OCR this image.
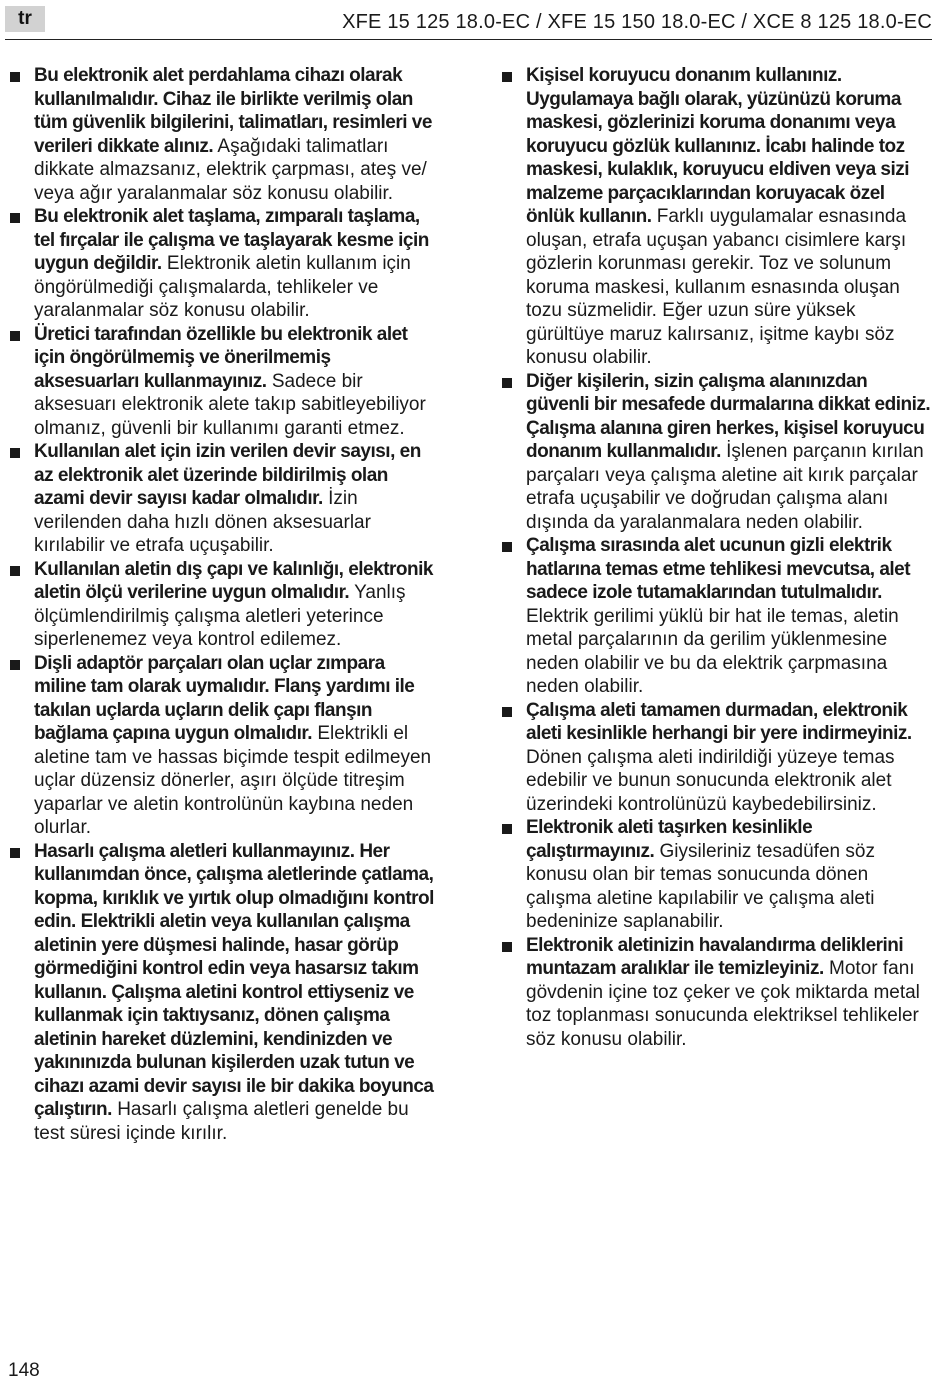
tr	XFE 15 125 18.0-EC / XFE 15 150 18.0-EC / XCE 8 125 18.0-EC
Bu elektronik alet perdahlama cihazı olarak kullanılmalıdır. Cihaz ile birlikte verilmiş olan tüm güvenlik bilgilerini, talimatları, resimleri ve verileri dikkate alınız. Aşağıdaki talimatları dikkate almazsanız, elektrik çarpması, ateş ve/ veya ağır yaralanmalar söz konusu olabilir.
Bu elektronik alet taşlama, zımparalı taşlama, tel fırçalar ile çalışma ve taşlayarak kesme için uygun değildir. Elektronik aletin kullanım için öngörülmediği çalışmalarda, tehlikeler ve yaralanmalar söz konusu olabilir.
Üretici tarafından özellikle bu elektronik alet için öngörülmemiş ve önerilmemiş aksesuarları kullanmayınız. Sadece bir aksesuarı elektronik alete takıp sabitleyebiliyor olmanız, güvenli bir kullanımı garanti etmez.
Kullanılan alet için izin verilen devir sayısı, en az elektronik alet üzerinde bildirilmiş olan azami devir sayısı kadar olmalıdır. İzin verilenden daha hızlı dönen aksesuarlar kırılabilir ve etrafa uçuşabilir.
Kullanılan aletin dış çapı ve kalınlığı, elektronik aletin ölçü verilerine uygun olmalıdır. Yanlış ölçümlendirilmiş çalışma aletleri yeterince siperlenemez veya kontrol edilemez.
Dişli adaptör parçaları olan uçlar zımpara miline tam olarak uymalıdır. Flanş yardımı ile takılan uçlarda uçların delik çapı flanşın bağlama çapına uygun olmalıdır. Elektrikli el aletine tam ve hassas biçimde tespit edilmeyen uçlar düzensiz dönerler, aşırı ölçüde titreşim yaparlar ve aletin kontrolünün kaybına neden olurlar.
Hasarlı çalışma aletleri kullanmayınız. Her kullanımdan önce, çalışma aletlerinde çatlama, kopma, kırıklık ve yırtık olup olmadığını kontrol edin. Elektrikli aletin veya kullanılan çalışma aletinin yere düşmesi halinde, hasar görüp görmediğini kontrol edin veya hasarsız takım kullanın. Çalışma aletini kontrol ettiyseniz ve kullanmak için taktıysanız, dönen çalışma aletinin hareket düzlemini, kendinizden ve yakınınızda bulunan kişilerden uzak tutun ve cihazı azami devir sayısı ile bir dakika boyunca çalıştırın. Hasarlı çalışma aletleri genelde bu test süresi içinde kırılır.
Kişisel koruyucu donanım kullanınız. Uygulamaya bağlı olarak, yüzünüzü koruma maskesi, gözlerinizi koruma donanımı veya koruyucu gözlük kullanınız. İcabı halinde toz maskesi, kulaklık, koruyucu eldiven veya sizi malzeme parçacıklarından koruyacak özel önlük kullanın. Farklı uygulamalar esnasında oluşan, etrafa uçuşan yabancı cisimlere karşı gözlerin korunması gerekir. Toz ve solunum koruma maskesi, kullanım esnasında oluşan tozu süzmelidir. Eğer uzun süre yüksek gürültüye maruz kalırsanız, işitme kaybı söz konusu olabilir.
Diğer kişilerin, sizin çalışma alanınızdan güvenli bir mesafede durmalarına dikkat ediniz. Çalışma alanına giren herkes, kişisel koruyucu donanım kullanmalıdır. İşlenen parçanın kırılan parçaları veya çalışma aletine ait kırık parçalar etrafa uçuşabilir ve doğrudan çalışma alanı dışında da yaralanmalara neden olabilir.
Çalışma sırasında alet ucunun gizli elektrik hatlarına temas etme tehlikesi mevcutsa, alet sadece izole tutamaklarından tutulmalıdır. Elektrik gerilimi yüklü bir hat ile temas, aletin metal parçalarının da gerilim yüklenmesine neden olabilir ve bu da elektrik çarpmasına neden olabilir.
Çalışma aleti tamamen durmadan, elektronik aleti kesinlikle herhangi bir yere indirmeyiniz. Dönen çalışma aleti indirildiği yüzeye temas edebilir ve bunun sonucunda elektronik alet üzerindeki kontrolünüzü kaybedebilirsiniz.
Elektronik aleti taşırken kesinlikle çalıştırmayınız. Giysileriniz tesadüfen söz konusu olan bir temas sonucunda dönen çalışma aletine kapılabilir ve çalışma aleti bedeninize saplanabilir.
Elektronik aletinizin havalandırma deliklerini muntazam aralıklar ile temizleyiniz. Motor fanı gövdenin içine toz çeker ve çok miktarda metal toz toplanması sonucunda elektriksel tehlikeler söz konusu olabilir.
148
